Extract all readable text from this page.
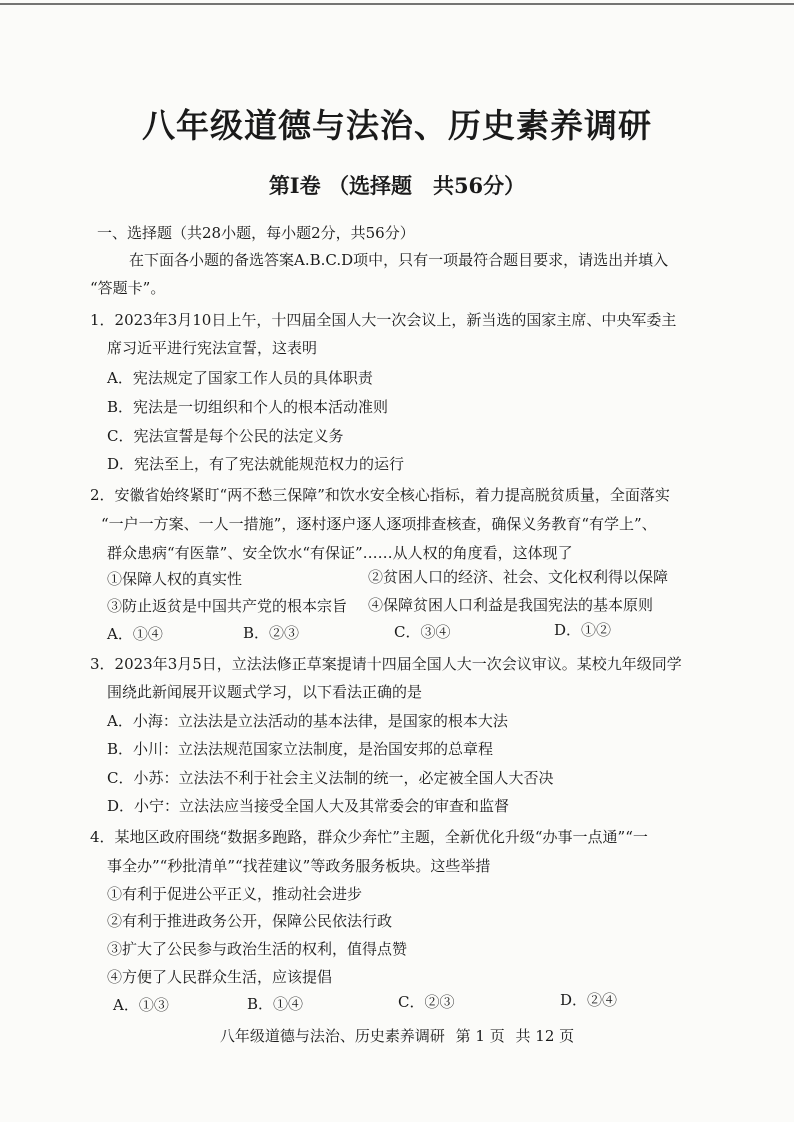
八年级道德与法治、历史素养调研
第Ⅰ卷 （选择题　共56分）
一、选择题（共28小题，每小题2分，共56分）
在下面各小题的备选答案A.B.C.D项中，只有一项最符合题目要求，请选出并填入
“答题卡”。
1．2023年3月10日上午，十四届全国人大一次会议上，新当选的国家主席、中央军委主
席习近平进行宪法宣誓，这表明
A．宪法规定了国家工作人员的具体职责
B．宪法是一切组织和个人的根本活动准则
C．宪法宣誓是每个公民的法定义务
D．宪法至上，有了宪法就能规范权力的运行
2．安徽省始终紧盯“两不愁三保障”和饮水安全核心指标，着力提高脱贫质量，全面落实
“一户一方案、一人一措施”，逐村逐户逐人逐项排查核查，确保义务教育“有学上”、
群众患病“有医靠”、安全饮水“有保证”……从人权的角度看，这体现了
①保障人权的真实性	②贫困人口的经济、社会、文化权利得以保障
③防止返贫是中国共产党的根本宗旨 ④保障贫困人口利益是我国宪法的基本原则
A．①④	B．②③	C．③④	D．①②
3．2023年3月5日，立法法修正草案提请十四届全国人大一次会议审议。某校九年级同学
围绕此新闻展开议题式学习，以下看法正确的是
A．小海：立法法是立法活动的基本法律，是国家的根本大法
B．小川：立法法规范国家立法制度，是治国安邦的总章程
C．小苏：立法法不利于社会主义法制的统一，必定被全国人大否决
D．小宁：立法法应当接受全国人大及其常委会的审查和监督
4．某地区政府围绕“数据多跑路，群众少奔忙”主题，全新优化升级“办事一点通”“一
事全办”“秒批清单”“找茬建议”等政务服务板块。这些举措
①有利于促进公平正义，推动社会进步
②有利于推进政务公开，保障公民依法行政
③扩大了公民参与政治生活的权利，值得点赞
④方便了人民群众生活，应该提倡
A．①③	B．①④	C．②③	D．②④
八年级道德与法治、历史素养调研 第 1 页 共 12 页
